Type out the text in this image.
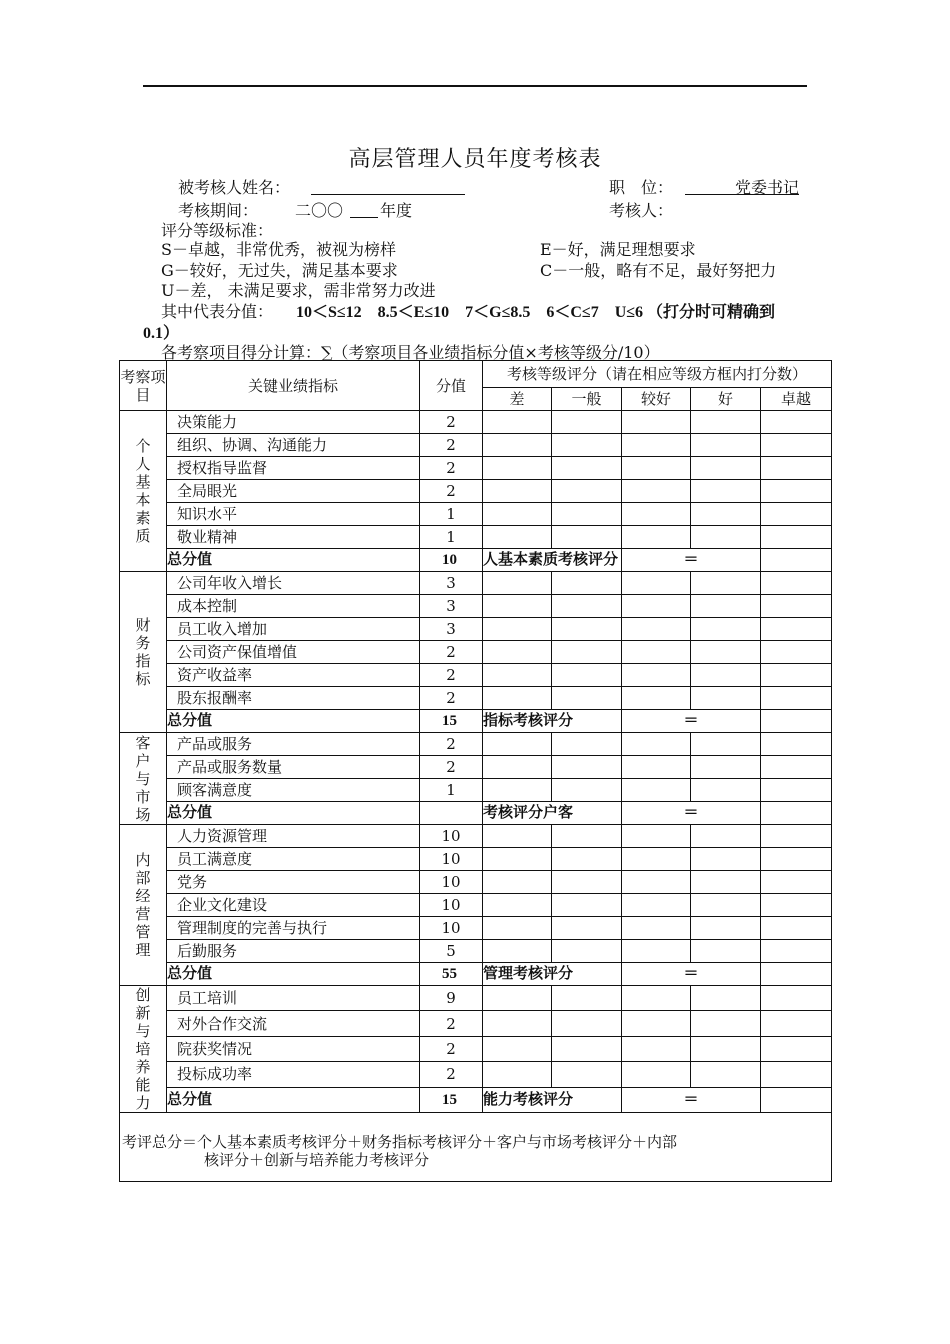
高层管理人员年度考核表
被考核人姓名：	职　位：	党委书记
考核期间： 二〇〇 年度	考核人：
评分等级标准：
S－卓越，非常优秀，被视为榜样	E－好，满足理想要求
G－较好，无过失，满足基本要求	C－一般，略有不足，最好努把力
U－差， 未满足要求，需非常努力改进
其中代表分值： 10＜S≤12　8.5＜E≤10　7＜G≤8.5　6＜C≤7　U≤6 （打分时可精确到
0.1）
各考察项目得分计算：∑（考察项目各业绩指标分值×考核等级分/10）
考察项目	关键业绩指标	分值	考核等级评分（请在相应等级方框内打分数）					
			差	一般	较好	好	卓越	
个人基本素质	决策能力	2						
	组织、协调、沟通能力	2						
	授权指导监督	2						
	全局眼光	2						
	知识水平	1						
	敬业精神	1						
	总分值	10	人基本素质考核评分		＝			
财务指标	公司年收入增长	3						
	成本控制	3						
	员工收入增加	3						
	公司资产保值增值	2						
	资产收益率	2						
	股东报酬率	2						
	总分值	15	指标考核评分		＝			
客户与市场	产品或服务	2						
	产品或服务数量	2						
	顾客满意度	1						
	总分值		考核评分户客		＝			
内部经营管理	人力资源管理	10						
	员工满意度	10						
	党务	10						
	企业文化建设	10						
	管理制度的完善与执行	10						
	后勤服务	5						
	总分值	55	管理考核评分		＝			
创新与培养能力	员工培训	9						
	对外合作交流	2						
	院获奖情况	2						
	投标成功率	2						
	总分值	15	能力考核评分		＝			

考评总分＝个人基本素质考核评分＋财务指标考核评分＋客户与市场考核评分＋内部
核评分＋创新与培养能力考核评分								
